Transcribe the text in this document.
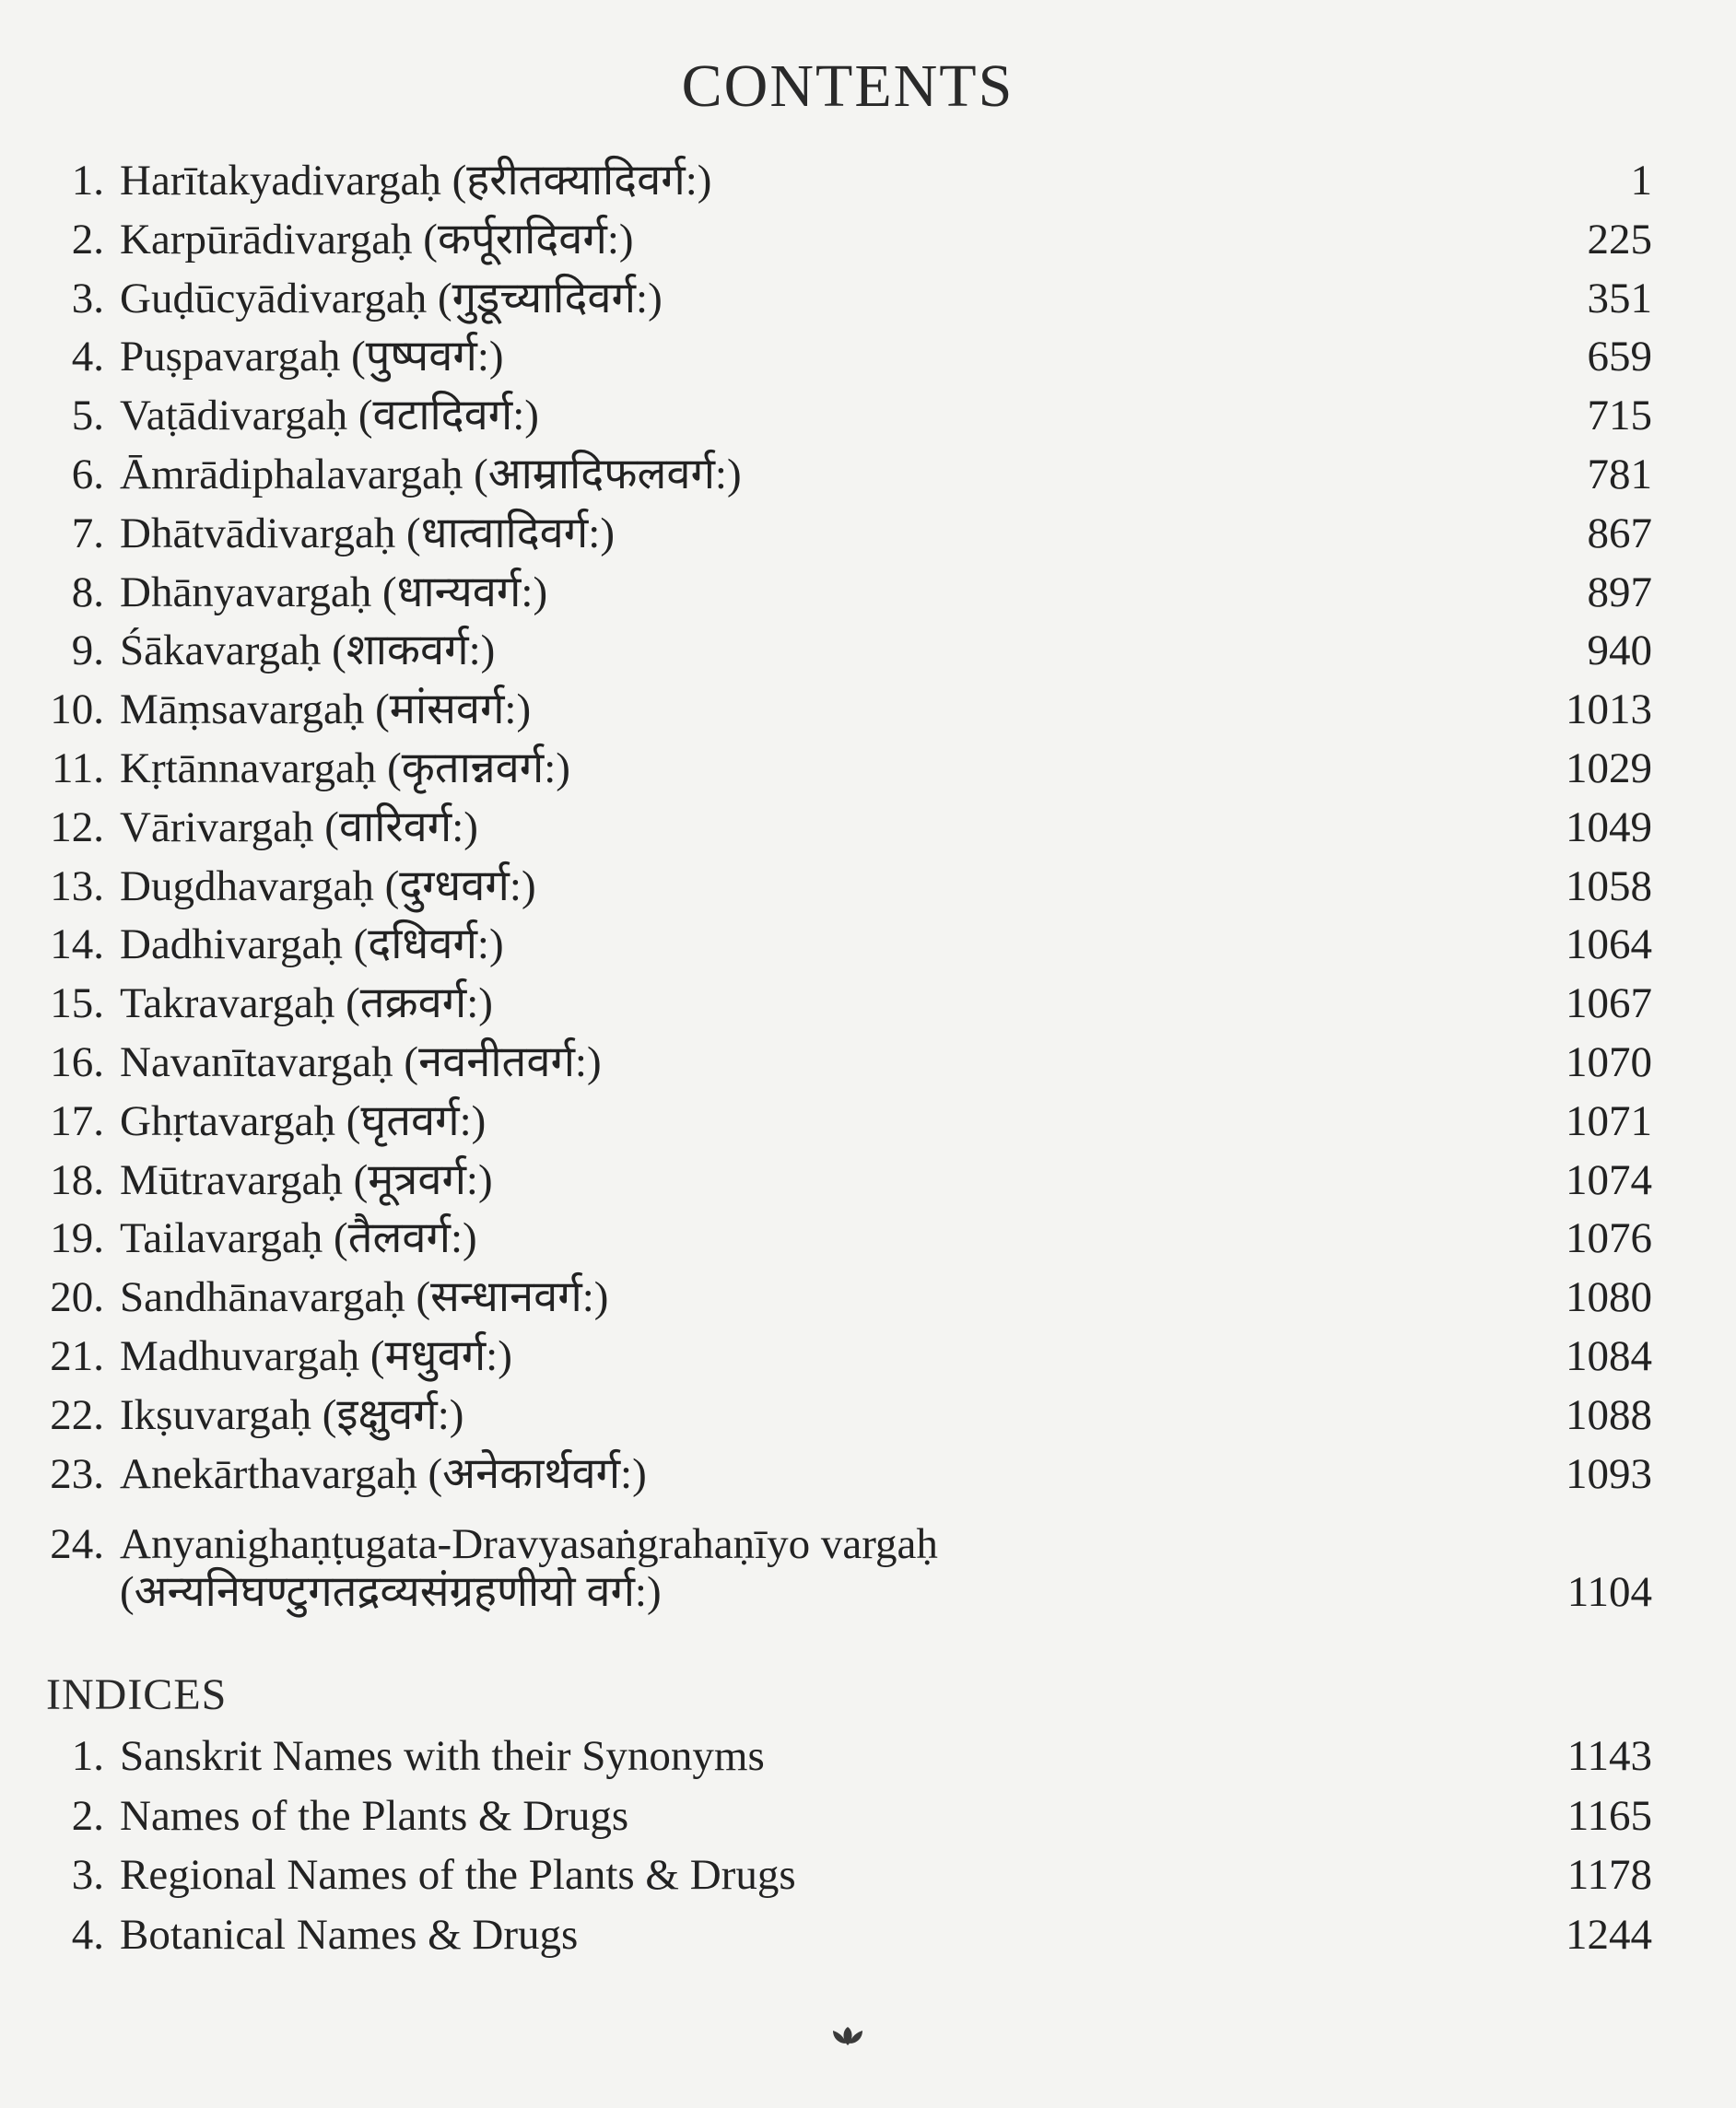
CONTENTS
1. Harītakyadivargaḥ (हरीतक्यादिवर्ग:)	1
2. Karpūrādivargaḥ (कर्पूरादिवर्ग:)	225
3. Guḍūcyādivargaḥ (गुडूच्यादिवर्ग:)	351
4. Puṣpavargaḥ (पुष्पवर्ग:)	659
5. Vaṭādivargaḥ (वटादिवर्ग:)	715
6. Āmrādiphalavargaḥ (आम्रादिफलवर्ग:)	781
7. Dhātvādivargaḥ (धात्वादिवर्ग:)	867
8. Dhānyavargaḥ (धान्यवर्ग:)	897
9. Śākavargaḥ (शाकवर्ग:)	940
10. Māṃsavargaḥ (मांसवर्ग:)	1013
11. Kṛtānnavargaḥ (कृतान्नवर्ग:)	1029
12. Vārivargaḥ (वारिवर्ग:)	1049
13. Dugdhavargaḥ (दुग्धवर्ग:)	1058
14. Dadhivargaḥ (दधिवर्ग:)	1064
15. Takravargaḥ (तक्रवर्ग:)	1067
16. Navanītavargaḥ (नवनीतवर्ग:)	1070
17. Ghṛtavargaḥ (घृतवर्ग:)	1071
18. Mūtravargaḥ (मूत्रवर्ग:)	1074
19. Tailavargaḥ (तैलवर्ग:)	1076
20. Sandhānavargaḥ (सन्धानवर्ग:)	1080
21. Madhuvargaḥ (मधुवर्ग:)	1084
22. Ikṣuvargaḥ (इक्षुवर्ग:)	1088
23. Anekārthavargaḥ (अनेकार्थवर्ग:)	1093
24. Anyanighaṇṭugata-Dravyasaṅgrahaṇīyo vargaḥ
(अन्यनिघण्टुगतद्रव्यसंग्रहणीयो वर्ग:)	1104
INDICES
1. Sanskrit Names with their Synonyms	1143
2. Names of the Plants & Drugs	1165
3. Regional Names of the Plants & Drugs	1178
4. Botanical Names & Drugs	1244
